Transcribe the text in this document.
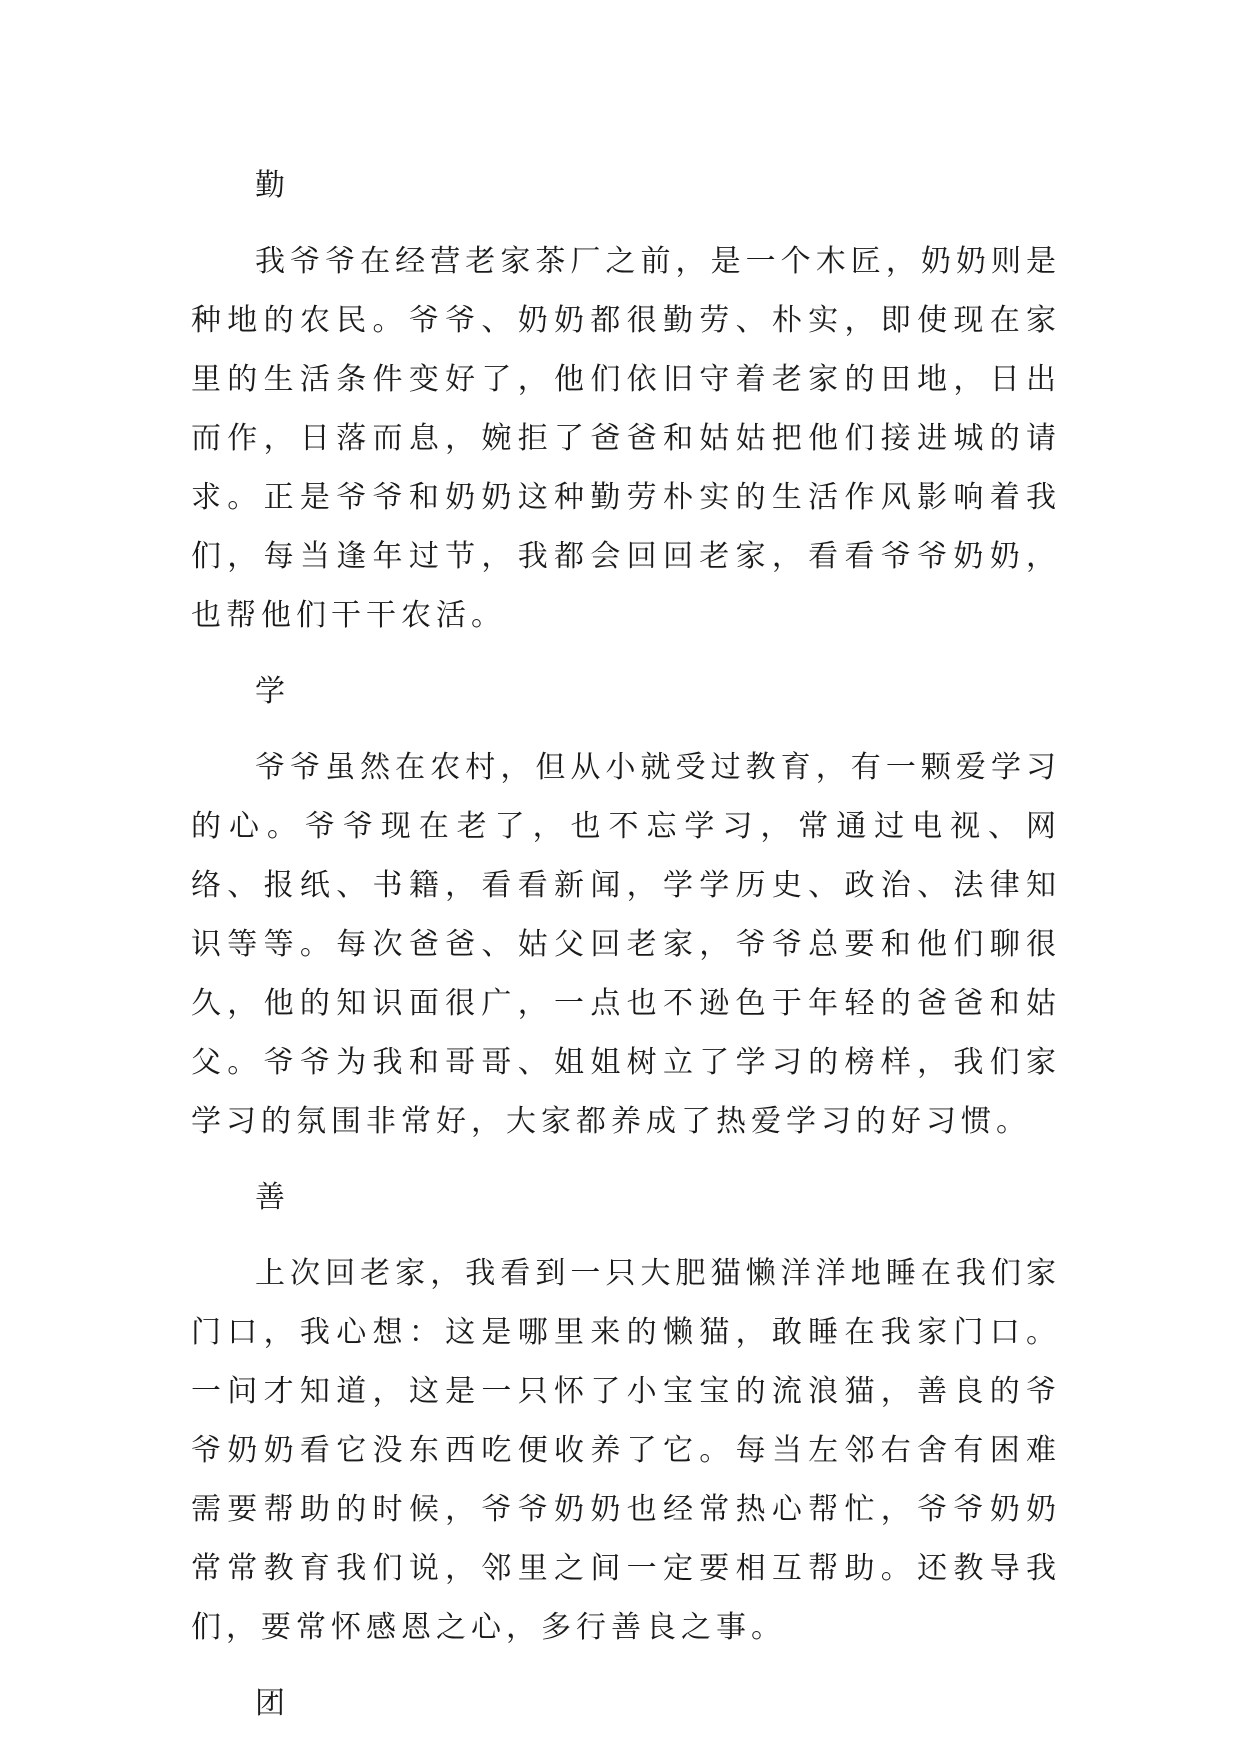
勤

我爷爷在经营老家茶厂之前，是一个木匠，奶奶则是种地的农民。爷爷、奶奶都很勤劳、朴实，即使现在家里的生活条件变好了，他们依旧守着老家的田地，日出而作，日落而息，婉拒了爸爸和姑姑把他们接进城的请求。正是爷爷和奶奶这种勤劳朴实的生活作风影响着我们，每当逢年过节，我都会回回老家，看看爷爷奶奶，也帮他们干干农活。

学

爷爷虽然在农村，但从小就受过教育，有一颗爱学习的心。爷爷现在老了，也不忘学习，常通过电视、网络、报纸、书籍，看看新闻，学学历史、政治、法律知识等等。每次爸爸、姑父回老家，爷爷总要和他们聊很久，他的知识面很广，一点也不逊色于年轻的爸爸和姑父。爷爷为我和哥哥、姐姐树立了学习的榜样，我们家学习的氛围非常好，大家都养成了热爱学习的好习惯。

善

上次回老家，我看到一只大肥猫懒洋洋地睡在我们家门口，我心想：这是哪里来的懒猫，敢睡在我家门口。一问才知道，这是一只怀了小宝宝的流浪猫，善良的爷爷奶奶看它没东西吃便收养了它。每当左邻右舍有困难需要帮助的时候，爷爷奶奶也经常热心帮忙，爷爷奶奶常常教育我们说，邻里之间一定要相互帮助。还教导我们，要常怀感恩之心，多行善良之事。

团
